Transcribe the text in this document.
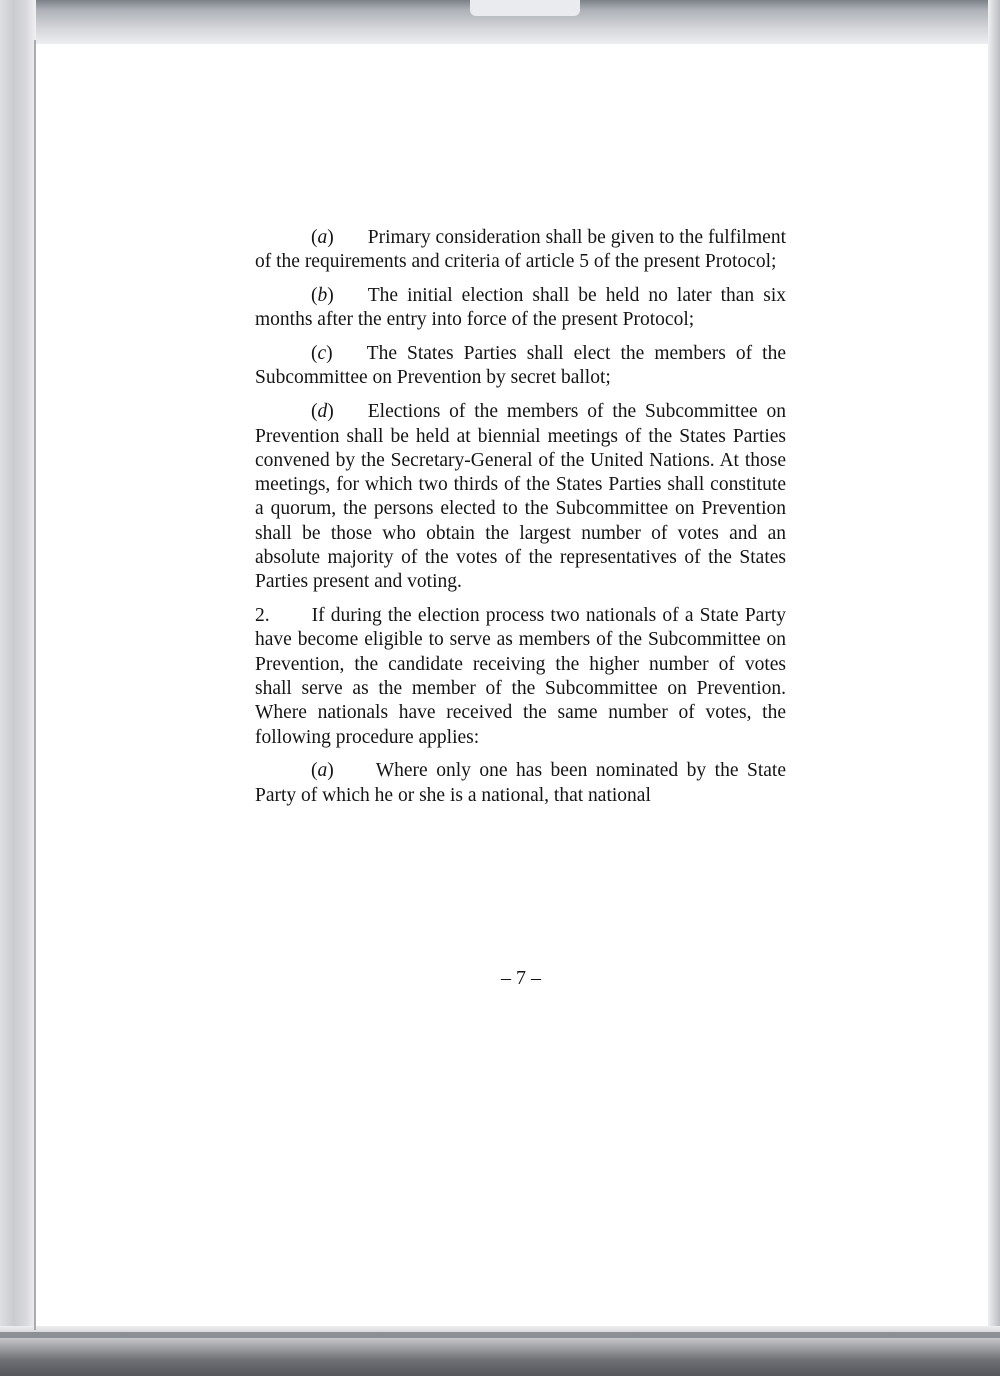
(a) Primary consideration shall be given to the fulfilment of the requirements and criteria of article 5 of the present Protocol;

(b) The initial election shall be held no later than six months after the entry into force of the present Protocol;

(c) The States Parties shall elect the members of the Subcommittee on Prevention by secret ballot;

(d) Elections of the members of the Subcommittee on Prevention shall be held at biennial meetings of the States Parties convened by the Secretary-General of the United Nations. At those meetings, for which two thirds of the States Parties shall constitute a quorum, the persons elected to the Subcommittee on Prevention shall be those who obtain the largest number of votes and an absolute majority of the votes of the representatives of the States Parties present and voting.

2. If during the election process two nationals of a State Party have become eligible to serve as members of the Subcommittee on Prevention, the candidate receiving the higher number of votes shall serve as the member of the Subcommittee on Prevention. Where nationals have received the same number of votes, the following procedure applies:

(a) Where only one has been nominated by the State Party of which he or she is a national, that national

– 7 –
